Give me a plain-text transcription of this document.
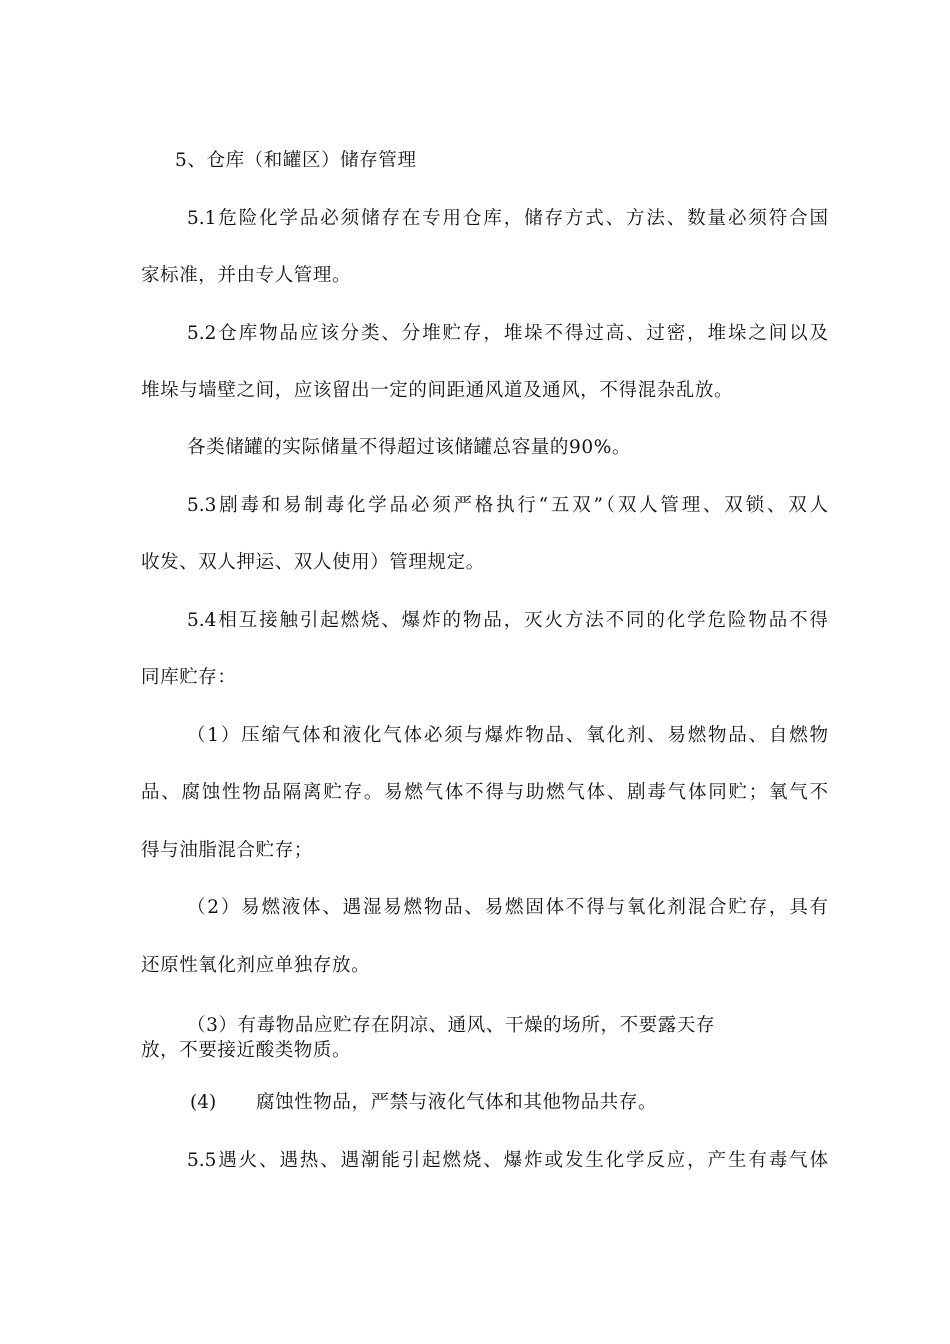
5、仓库（和罐区）储存管理
5.1危险化学品必须储存在专用仓库，储存方式、方法、数量必须符合国
家标准，并由专人管理。
5.2仓库物品应该分类、分堆贮存，堆垛不得过高、过密，堆垛之间以及
堆垛与墙壁之间，应该留出一定的间距通风道及通风，不得混杂乱放。
各类储罐的实际储量不得超过该储罐总容量的90%。
5.3剧毒和易制毒化学品必须严格执行“五双”（双人管理、双锁、双人
收发、双人押运、双人使用）管理规定。
5.4相互接触引起燃烧、爆炸的物品，灭火方法不同的化学危险物品不得
同库贮存：
（1）压缩气体和液化气体必须与爆炸物品、氧化剂、易燃物品、自燃物
品、腐蚀性物品隔离贮存。易燃气体不得与助燃气体、剧毒气体同贮；氧气不
得与油脂混合贮存；
（2）易燃液体、遇湿易燃物品、易燃固体不得与氧化剂混合贮存，具有
还原性氧化剂应单独存放。
（3）有毒物品应贮存在阴凉、通风、干燥的场所，不要露天存
放，不要接近酸类物质。
(4) 腐蚀性物品，严禁与液化气体和其他物品共存。
5.5遇火、遇热、遇潮能引起燃烧、爆炸或发生化学反应，产生有毒气体
